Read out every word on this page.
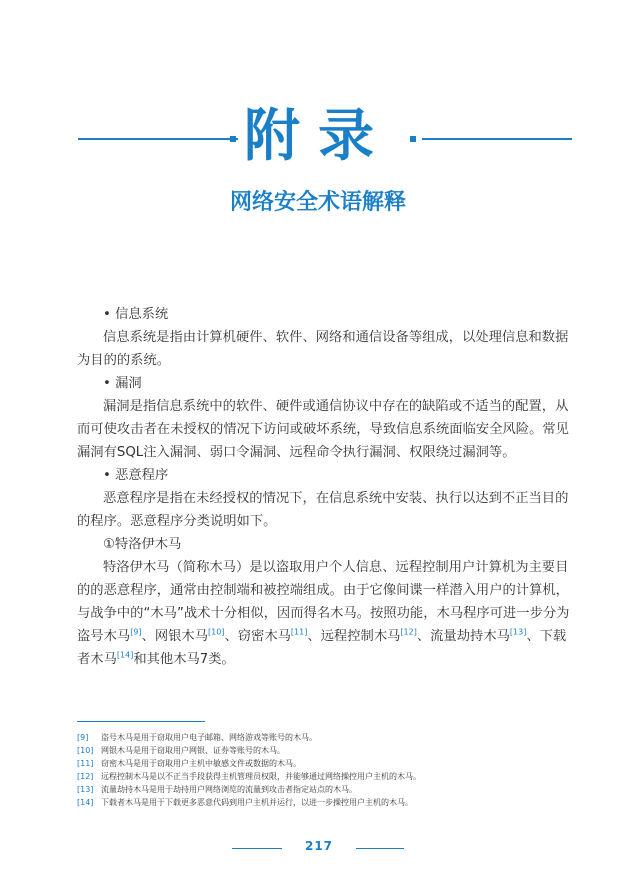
附录
网络安全术语解释

• 信息系统

信息系统是指由计算机硬件、软件、网络和通信设备等组成，以处理信息和数据为目的的系统。

• 漏洞

漏洞是指信息系统中的软件、硬件或通信协议中存在的缺陷或不适当的配置，从而可使攻击者在未授权的情况下访问或破坏系统，导致信息系统面临安全风险。常见漏洞有SQL注入漏洞、弱口令漏洞、远程命令执行漏洞、权限绕过漏洞等。

• 恶意程序

恶意程序是指在未经授权的情况下，在信息系统中安装、执行以达到不正当目的的程序。恶意程序分类说明如下。

①特洛伊木马

特洛伊木马（简称木马）是以盗取用户个人信息、远程控制用户计算机为主要目的的恶意程序，通常由控制端和被控端组成。由于它像间谍一样潜入用户的计算机，与战争中的“木马”战术十分相似，因而得名木马。按照功能，木马程序可进一步分为盗号木马[9]、网银木马[10]、窃密木马[11]、远程控制木马[12]、流量劫持木马[13]、下载者木马[14]和其他木马7类。

[9] 盗号木马是用于窃取用户电子邮箱、网络游戏等账号的木马。
[10] 网银木马是用于窃取用户网银、证券等账号的木马。
[11] 窃密木马是用于窃取用户主机中敏感文件或数据的木马。
[12] 远程控制木马是以不正当手段获得主机管理员权限，并能够通过网络操控用户主机的木马。
[13] 流量劫持木马是用于劫持用户网络浏览的流量到攻击者指定站点的木马。
[14] 下载者木马是用于下载更多恶意代码到用户主机并运行，以进一步操控用户主机的木马。
217
